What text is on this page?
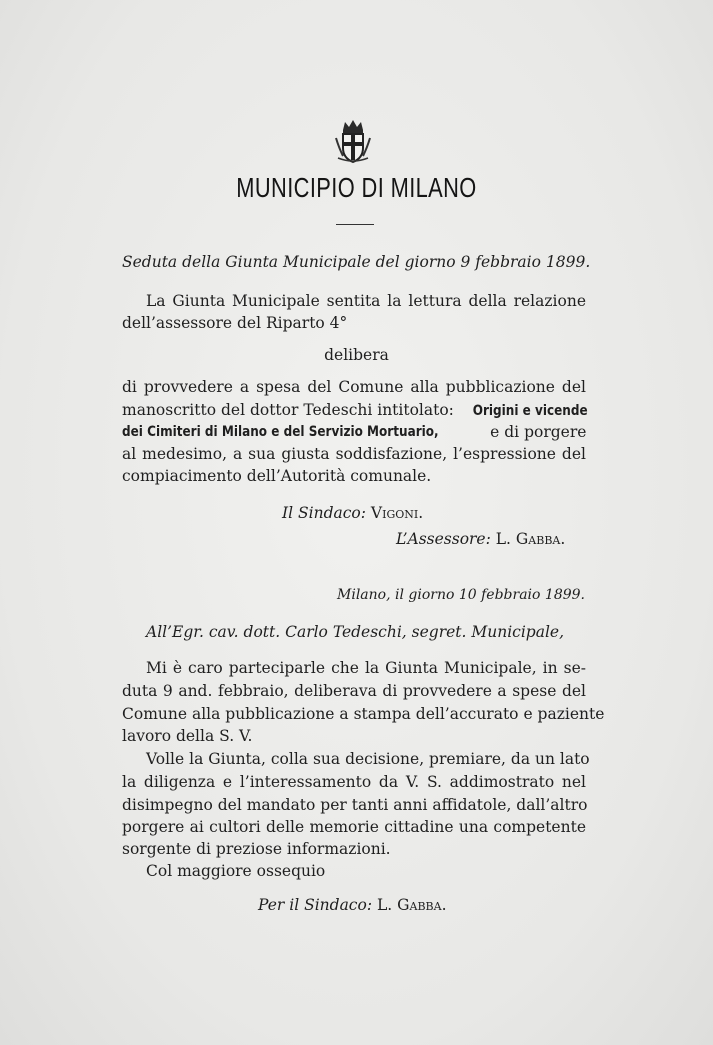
MUNICIPIO DI MILANO
Seduta della Giunta Municipale del giorno 9 febbraio 1899.
La Giunta Municipale sentita la lettura della relazione
dell’assessore del Riparto 4°
delibera
di provvedere a spesa del Comune alla pubblicazione del
manoscritto del dottor Tedeschi intitolato:	Origini e vicende
dei Cimiteri di Milano e del Servizio Mortuario,	e di porgere
al medesimo, a sua giusta soddisfazione, l’espressione del
compiacimento dell’Autorità comunale.
Il Sindaco: Vigoni.
L’Assessore: L. Gabba.
Milano, il giorno 10 febbraio 1899.
All’Egr. cav. dott. Carlo Tedeschi, segret. Municipale,
Mi è caro parteciparle che la Giunta Municipale, in se-
duta 9 and. febbraio, deliberava di provvedere a spese del
Comune alla pubblicazione a stampa dell’accurato e paziente
lavoro della S. V.
Volle la Giunta, colla sua decisione, premiare, da un lato
la diligenza e l’interessamento da V. S. addimostrato nel
disimpegno del mandato per tanti anni affidatole, dall’altro
porgere ai cultori delle memorie cittadine una competente
sorgente di preziose informazioni.
Col maggiore ossequio
Per il Sindaco: L. Gabba.
